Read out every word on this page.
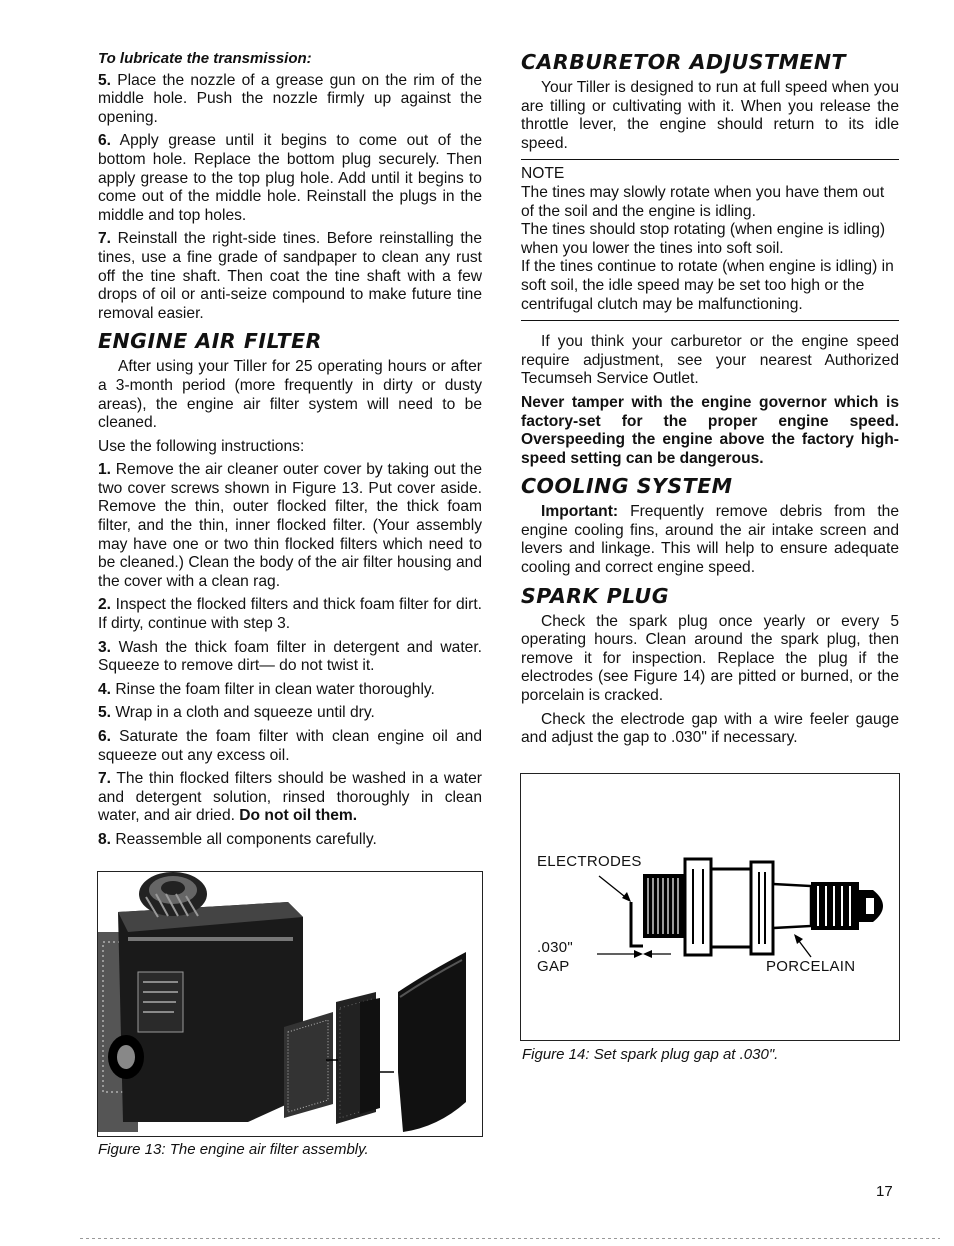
To lubricate the transmission:

5. Place the nozzle of a grease gun on the rim of the middle hole. Push the nozzle firmly up against the opening.

6. Apply grease until it begins to come out of the bottom hole. Replace the bottom plug securely. Then apply grease to the top plug hole. Add until it begins to come out of the middle hole. Reinstall the plugs in the middle and top holes.

7. Reinstall the right-side tines. Before reinstalling the tines, use a fine grade of sandpaper to clean any rust off the tine shaft. Then coat the tine shaft with a few drops of oil or anti-seize compound to make future tine removal easier.

ENGINE AIR FILTER

After using your Tiller for 25 operating hours or after a 3-month period (more frequently in dirty or dusty areas), the engine air filter system will need to be cleaned.

Use the following instructions:

1. Remove the air cleaner outer cover by taking out the two cover screws shown in Figure 13. Put cover aside. Remove the thin, outer flocked filter, the thick foam filter, and the thin, inner flocked filter. (Your assembly may have one or two thin flocked filters which need to be cleaned.) Clean the body of the air filter housing and the cover with a clean rag.

2. Inspect the flocked filters and thick foam filter for dirt. If dirty, continue with step 3.

3. Wash the thick foam filter in detergent and water. Squeeze to remove dirt— do not twist it.

4. Rinse the foam filter in clean water thoroughly.

5. Wrap in a cloth and squeeze until dry.

6. Saturate the foam filter with clean engine oil and squeeze out any excess oil.

7. The thin flocked filters should be washed in a water and detergent solution, rinsed thoroughly in clean water, and air dried. Do not oil them.

8. Reassemble all components carefully.

Figure 13: The engine air filter assembly.
CARBURETOR ADJUSTMENT

Your Tiller is designed to run at full speed when you are tilling or cultivating with it. When you release the throttle lever, the engine should return to its idle speed.

NOTE

The tines may slowly rotate when you have them out of the soil and the engine is idling.

The tines should stop rotating (when engine is idling) when you lower the tines into soft soil.

If the tines continue to rotate (when engine is idling) in soft soil, the idle speed may be set too high or the centrifugal clutch may be malfunctioning.

If you think your carburetor or the engine speed require adjustment, see your nearest Authorized Tecumseh Service Outlet.

Never tamper with the engine governor which is factory-set for the proper engine speed. Overspeeding the engine above the factory high-speed setting can be dangerous.

COOLING SYSTEM

Important: Frequently remove debris from the engine cooling fins, around the air intake screen and levers and linkage. This will help to ensure adequate cooling and correct engine speed.

SPARK PLUG

Check the spark plug once yearly or every 5 operating hours. Clean around the spark plug, then remove it for inspection. Replace the plug if the electrodes (see Figure 14) are pitted or burned, or the porcelain is cracked.

Check the electrode gap with a wire feeler gauge and adjust the gap to .030" if necessary.

ELECTRODES
.030"
GAP	PORCELAIN
Figure 14: Set spark plug gap at .030".
17
